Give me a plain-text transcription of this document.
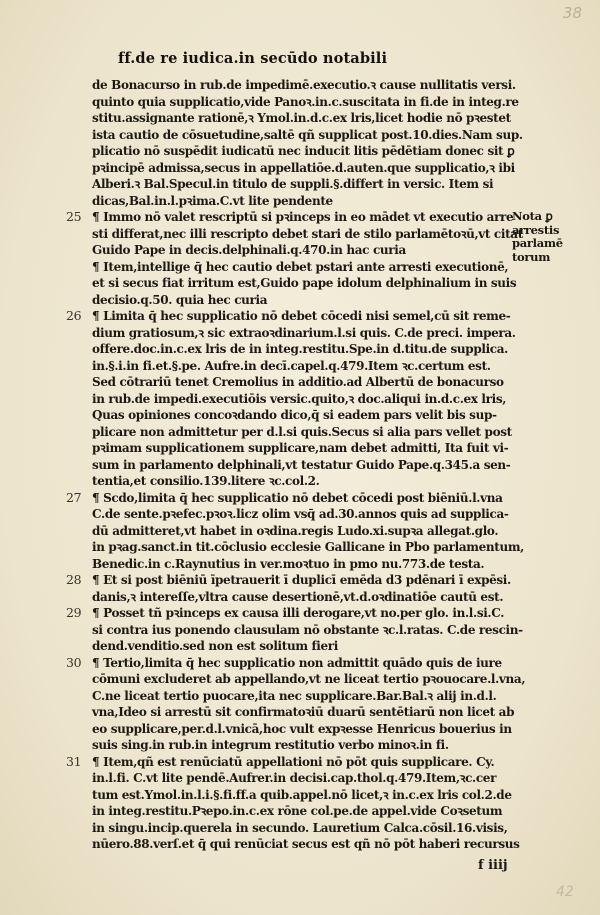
38
ff.de re iudica.in secūdo notabili
de Bonacurso in rub.de impedimē.executio.ꝛ cause nullitatis versi.
quinto quia supplicatio,vide Panoꝛ.in.c.suscitata in fi.de in integ.re
stitu.assignante rationē,ꝛ Ymol.in.d.c.ex lris,licet hodie nō pꝛestet
ista cautio de cōsuetudine,saltē qñ supplicat post.10.dies.Nam sup.
plicatio nō suspēdit iudicatū nec inducit litis pēdētiam donec sit ꝑ
pꝛincipē admissa,secus in appellatiōe.d.auten.que supplicatio,ꝛ ibi
Alberi.ꝛ Bal.Specul.in titulo de suppli.§.differt in versic. Item si
dicas,Bal.in.l.pꝛima.C.vt lite pendente
25 ¶ Immo nō valet rescriptū si pꝛinceps in eo mādet vt executio arre
sti differat,nec illi rescripto debet stari de stilo parlamētoꝛū,vt citat
Guido Pape in decis.delphinali.q.470.in hac curia
¶ Item,intellige q̄ hec cautio debet pstari ante arresti executionē,
et si secus fiat irritum est,Guido pape idolum delphinalium in suis
decisio.q.50. quia hec curia
26 ¶ Limita q̄ hec supplicatio nō debet cōcedi nisi semel,cū sit reme-
dium gratiosum,ꝛ sic extraoꝛdinarium.l.si quis. C.de preci. impera.
offere.doc.in.c.ex lris de in integ.restitu.Spe.in d.titu.de supplica.
in.§.i.in fi.et.§.pe. Aufre.in decī.capel.q.479.Item ꝛc.certum est.
Sed cōtrariū tenet Cremolius in additio.ad Albertū de bonacurso
in rub.de impedi.executiōis versic.quito,ꝛ doc.aliqui in.d.c.ex lris,
Quas opiniones concoꝛdando dico,q̄ si eadem pars velit bis sup-
plicare non admittetur per d.l.si quis.Secus si alia pars vellet post
pꝛimam supplicationem supplicare,nam debet admitti, Ita fuit vi-
sum in parlamento delphinali,vt testatur Guido Pape.q.345.a sen-
tentia,et consilio.139.litere ꝛc.col.2.
27 ¶ Scdo,limita q̄ hec supplicatio nō debet cōcedi post biēniū.l.vna
C.de sente.pꝛefec.pꝛoꝛ.licz olim vsq̄ ad.30.annos quis ad supplica-
dū admitteret,vt habet in oꝛdina.regis Ludo.xi.supꝛa allegat.glo.
in pꝛag.sanct.in tit.cōclusio ecclesie Gallicane in Pbo parlamentum,
Benedic.in c.Raynutius in ver.moꝛtuo in pmo nu.773.de testa.
28 ¶ Et si post biēniū īpetrauerit ī duplicī emēda d3 pdēnari ī expēsi.
danis,ꝛ intereſſe,vltra cause desertionē,vt.d.oꝛdinatiōe cautū est.
29 ¶ Posset tñ pꝛinceps ex causa illi derogare,vt no.per glo. in.l.si.C.
si contra ius ponendo clausulam nō obstante ꝛc.l.ratas. C.de rescin-
dend.venditio.sed non est solitum fieri
30 ¶ Tertio,limita q̄ hec supplicatio non admittit quādo quis de iure
cōmuni excluderet ab appellando,vt ne liceat tertio pꝛouocare.l.vna,
C.ne liceat tertio puocare,ita nec supplicare.Bar.Bal.ꝛ alij in.d.l.
vna,Ideo si arrestū sit confirmatoꝛiū duarū sentētiarū non licet ab
eo supplicare,per.d.l.vnicā,hoc vult expꝛesse Henricus bouerius in
suis sing.in rub.in integrum restitutio verbo minoꝛ.in fi.
31 ¶ Item,qñ est renūciatū appellationi nō pōt quis supplicare. Cy.
in.l.fi. C.vt lite pendē.Aufrer.in decisi.cap.thol.q.479.Item,ꝛc.cer
tum est.Ymol.in.l.i.§.fi.ff.a quib.appel.nō licet,ꝛ in.c.ex lris col.2.de
in integ.restitu.Pꝛepo.in.c.ex rōne col.pe.de appel.vide Coꝛsetum
in singu.incip.querela in secundo. Lauretium Calca.cōsil.16.visis,
nūero.88.verſ.et q̄ qui renūciat secus est qñ nō pōt haberi recursus
Nota ꝑ
arrestis
parlamē
torum
f iiij
42
